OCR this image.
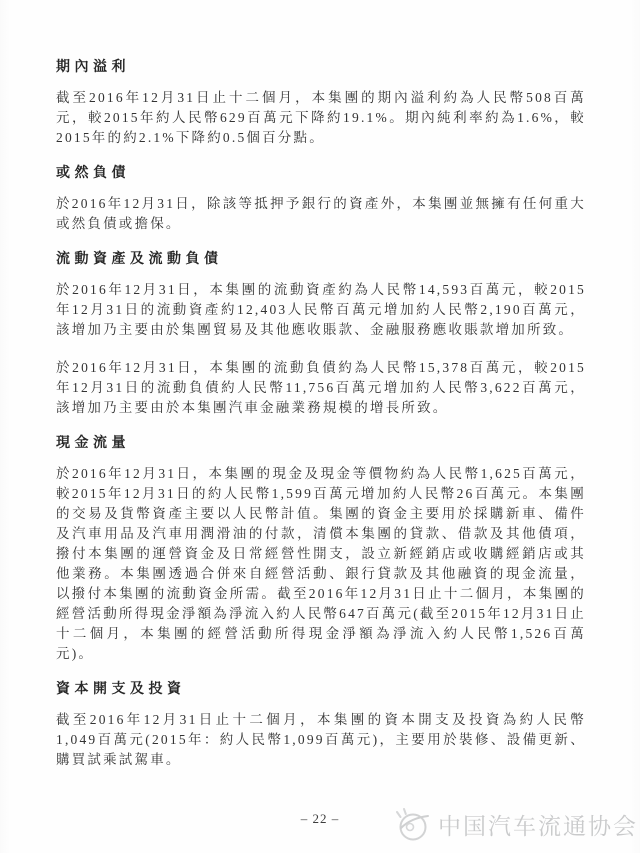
期內溢利

截至2016年12月31日止十二個月，本集團的期內溢利約為人民幣508百萬元，較2015年約人民幣629百萬元下降約19.1%。期內純利率約為1.6%，較2015年的約2.1%下降約0.5個百分點。

或然負債

於2016年12月31日，除該等抵押予銀行的資產外，本集團並無擁有任何重大或然負債或擔保。

流動資產及流動負債

於2016年12月31日，本集團的流動資產約為人民幣14,593百萬元，較2015年12月31日的流動資產約12,403人民幣百萬元增加約人民幣2,190百萬元，該增加乃主要由於集團貿易及其他應收賬款、金融服務應收賬款增加所致。

於2016年12月31日，本集團的流動負債約為人民幣15,378百萬元，較2015年12月31日的流動負債約人民幣11,756百萬元增加約人民幣3,622百萬元，該增加乃主要由於本集團汽車金融業務規模的增長所致。

現金流量

於2016年12月31日，本集團的現金及現金等價物約為人民幣1,625百萬元，較2015年12月31日的約人民幣1,599百萬元增加約人民幣26百萬元。本集團的交易及貨幣資產主要以人民幣計值。集團的資金主要用於採購新車、備件及汽車用品及汽車用潤滑油的付款，清償本集團的貸款、借款及其他債項，撥付本集團的運營資金及日常經營性開支，設立新經銷店或收購經銷店或其他業務。本集團透過合併來自經營活動、銀行貸款及其他融資的現金流量，以撥付本集團的流動資金所需。截至2016年12月31日止十二個月，本集團的經營活動所得現金淨額為淨流入約人民幣647百萬元(截至2015年12月31日止十二個月，本集團的經營活動所得現金淨額為淨流入約人民幣1,526百萬元)。

資本開支及投資

截至2016年12月31日止十二個月，本集團的資本開支及投資為約人民幣1,049百萬元(2015年：約人民幣1,099百萬元)，主要用於裝修、設備更新、購買試乘試駕車。

– 22 –	中国汽车流通协会
